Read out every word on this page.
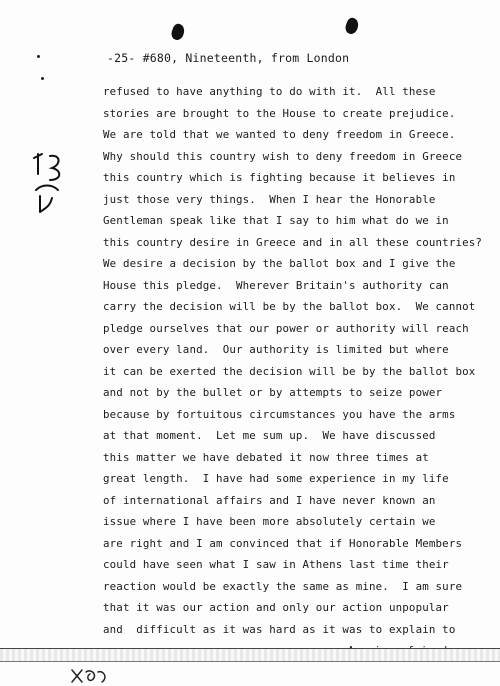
-25- #680, Nineteenth, from London
refused to have anything to do with it.  All these
stories are brought to the House to create prejudice.
We are told that we wanted to deny freedom in Greece.
Why should this country wish to deny freedom in Greece
this country which is fighting because it believes in
just those very things.  When I hear the Honorable
Gentleman speak like that I say to him what do we in
this country desire in Greece and in all these countries?
We desire a decision by the ballot box and I give the
House this pledge.  Wherever Britain's authority can
carry the decision will be by the ballot box.  We cannot
pledge ourselves that our power or authority will reach
over every land.  Our authority is limited but where
it can be exerted the decision will be by the ballot box
and not by the bullet or by attempts to seize power
because by fortuitous circumstances you have the arms
at that moment.  Let me sum up.  We have discussed
this matter we have debated it now three times at
great length.  I have had some experience in my life
of international affairs and I have never known an
issue where I have been more absolutely certain we
are right and I am convinced that if Honorable Members
could have seen what I saw in Athens last time their
reaction would be exactly the same as mine.  I am sure
that it was our action and only our action unpopular
and  difficult as it was hard as it was to explain to
